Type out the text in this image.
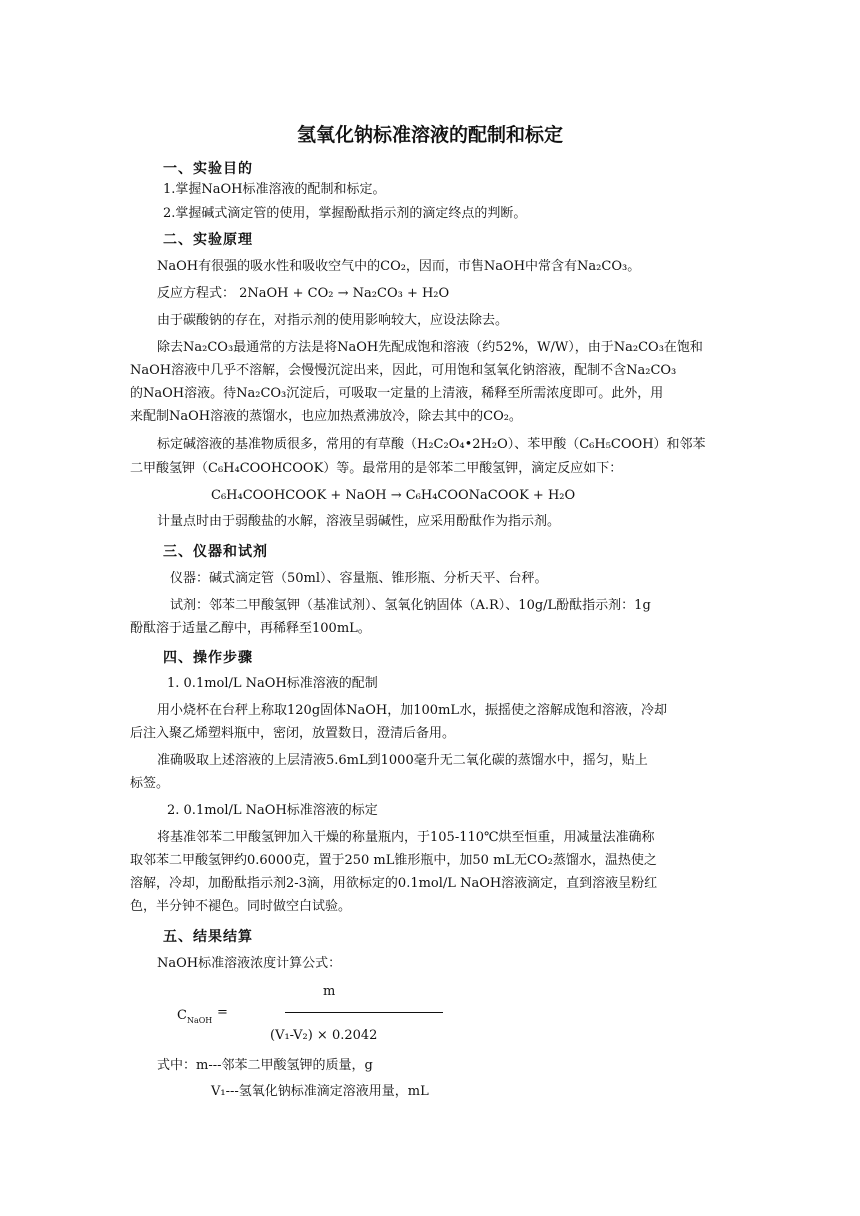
氢氧化钠标准溶液的配制和标定
一、实验目的
1.掌握NaOH标准溶液的配制和标定。
2.掌握碱式滴定管的使用，掌握酚酞指示剂的滴定终点的判断。
二、实验原理
NaOH有很强的吸水性和吸收空气中的CO₂，因而，市售NaOH中常含有Na₂CO₃。
反应方程式： 2NaOH + CO₂ → Na₂CO₃ + H₂O
由于碳酸钠的存在，对指示剂的使用影响较大，应设法除去。
除去Na₂CO₃最通常的方法是将NaOH先配成饱和溶液（约52%，W/W），由于Na₂CO₃在饱和
NaOH溶液中几乎不溶解，会慢慢沉淀出来，因此，可用饱和氢氧化钠溶液，配制不含Na₂CO₃
的NaOH溶液。待Na₂CO₃沉淀后，可吸取一定量的上清液，稀释至所需浓度即可。此外，用
来配制NaOH溶液的蒸馏水，也应加热煮沸放冷，除去其中的CO₂。
标定碱溶液的基准物质很多，常用的有草酸（H₂C₂O₄•2H₂O）、苯甲酸（C₆H₅COOH）和邻苯
二甲酸氢钾（C₆H₄COOHCOOK）等。最常用的是邻苯二甲酸氢钾，滴定反应如下：
C₆H₄COOHCOOK + NaOH → C₆H₄COONaCOOK + H₂O
计量点时由于弱酸盐的水解，溶液呈弱碱性，应采用酚酞作为指示剂。
三、仪器和试剂
仪器：碱式滴定管（50ml）、容量瓶、锥形瓶、分析天平、台秤。
试剂：邻苯二甲酸氢钾（基准试剂）、氢氧化钠固体（A.R）、10g/L酚酞指示剂：1g
酚酞溶于适量乙醇中，再稀释至100mL。
四、操作步骤
1. 0.1mol/L NaOH标准溶液的配制
用小烧杯在台秤上称取120g固体NaOH，加100mL水，振摇使之溶解成饱和溶液，冷却
后注入聚乙烯塑料瓶中，密闭，放置数日，澄清后备用。
准确吸取上述溶液的上层清液5.6mL到1000毫升无二氧化碳的蒸馏水中，摇匀，贴上
标签。
2. 0.1mol/L NaOH标准溶液的标定
将基准邻苯二甲酸氢钾加入干燥的称量瓶内，于105-110℃烘至恒重，用减量法准确称
取邻苯二甲酸氢钾约0.6000克，置于250 mL锥形瓶中，加50 mL无CO₂蒸馏水，温热使之
溶解，冷却，加酚酞指示剂2-3滴，用欲标定的0.1mol/L NaOH溶液滴定，直到溶液呈粉红
色，半分钟不褪色。同时做空白试验。
五、结果结算
NaOH标准溶液浓度计算公式：
m
$C_{NaOH}$
=
(V₁-V₂) × 0.2042
式中：m---邻苯二甲酸氢钾的质量，g
V₁---氢氧化钠标准滴定溶液用量，mL
